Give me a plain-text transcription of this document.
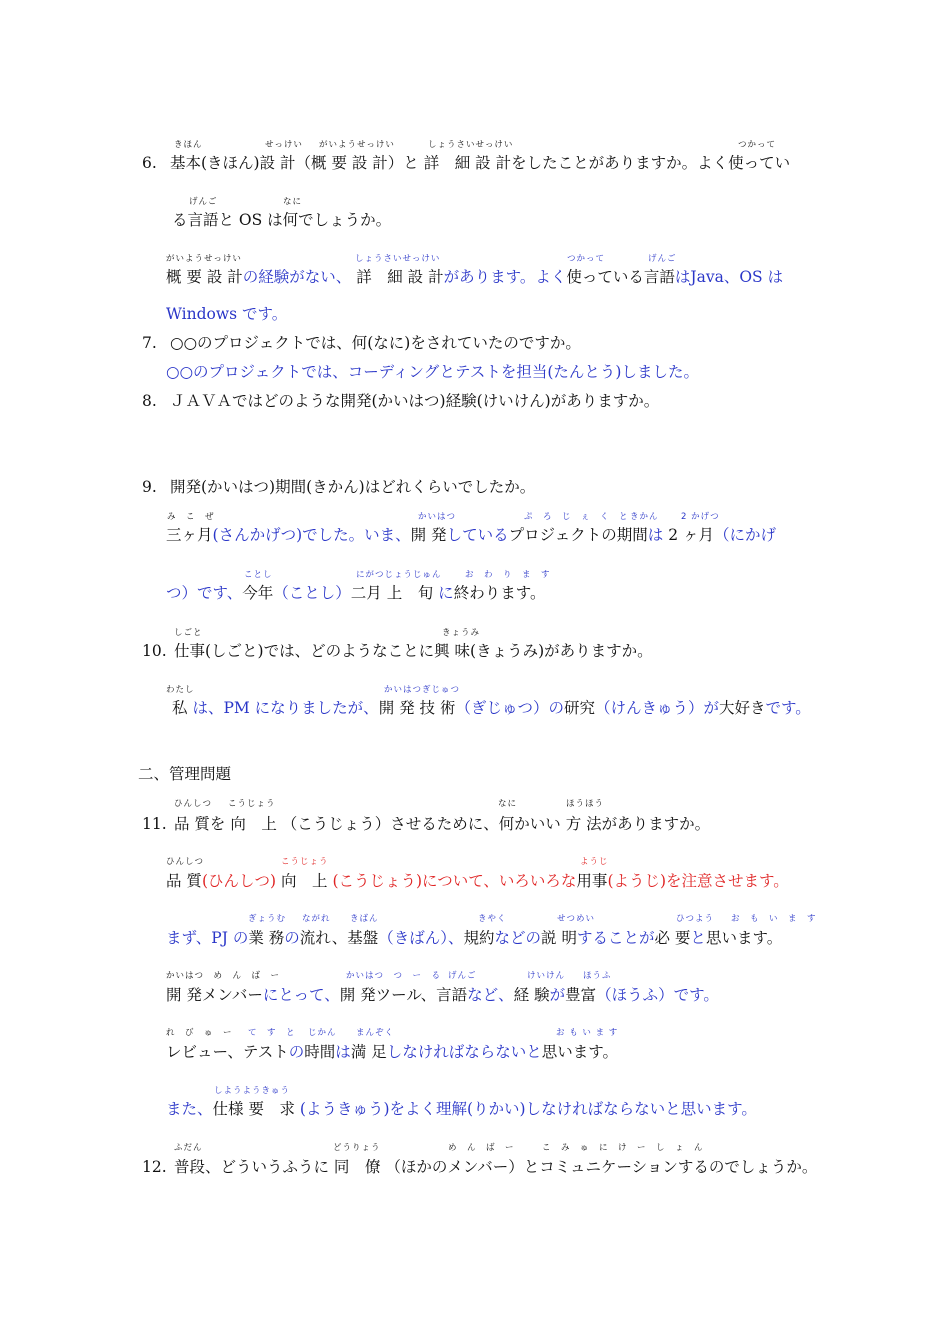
きほん	せっけい がいようせっけい	しょうさいせっけい	つかって
6. 基本(きほん)設 計（概 要 設 計）と 詳　細 設 計をしたことがありますか。よく使ってい
げんご	なに
る言語と OS は何でしょうか。
がいようせっけい	しょうさいせっけい	つかって	げんご
概 要 設 計の経験がない、 詳　細 設 計があります。よく使っている言語はJava、OS は
Windows です。
7. ○○のプロジェクトでは、何(なに)をされていたのですか。
○○のプロジェクトでは、コーディングとテストを担当(たんとう)しました。
8. ＪＡＶＡではどのような開発(かいはつ)経験(けいけん)がありますか。
9. 開発(かいはつ)期間(きかん)はどれくらいでしたか。
み　こ　ぜ	かいはつ	ぷ　ろ　じ　ぇ　く　と きかん	2 かげつ
三ヶ月(さんかげつ)でした。いま、開 発しているプロジェクトの期間は 2 ヶ月（にかげ
ことし	にがつじょうじゅん	お　わ　り　ま　す
つ）です、今年（ことし）二月 上　旬 に終わります。
しごと	きょうみ
10. 仕事(しごと)では、どのようなことに興 味(きょうみ)がありますか。
わたし	かいはつぎじゅつ
私 は、PM になりましたが、開 発 技 術（ぎじゅつ）の研究（けんきゅう）が大好きです。
二、管理問題
ひんしつ こうじょう	なに	ほうほう
11. 品 質を 向　上 （こうじょう）させるために、何かいい 方 法がありますか。
ひんしつ	こうじょう	ようじ
品 質(ひんしつ) 向　上 (こうじょう)について、いろいろな用事(ようじ)を注意させます。
ぎょうむ ながれ きばん	きやく	せつめい	ひつよう お　も　い　ま　す
まず、PJ の業 務の流れ、基盤（きばん）、規約などの説 明することが必 要と思います。
かいはつ　め　ん　ば　ー	かいはつ　つ　ー　る げんご	けいけん ほうふ
開 発メンバーにとって、開 発ツール、言語など、経 験が豊富（ほうふ）です。
れ　び　ゅ　ー て　す　と じかん まんぞく	お も い ま す
レビュー、テストの時間は満 足しなければならないと思います。
しようようきゅう
また、仕様 要　求 (ようきゅう)をよく理解(りかい)しなければならないと思います。
ふだん	どうりょう	め　ん　ば　ー	こ　み　ゅ　に　け　ー　し　ょ　ん
12. 普段、どういうふうに 同　僚 （ほかのメンバー）とコミュニケーションするのでしょうか。
